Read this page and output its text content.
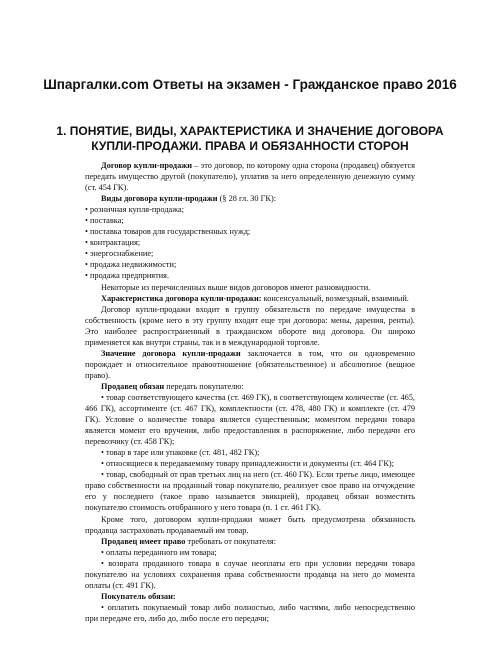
Шпаргалки.com Ответы на экзамен - Гражданское право 2016
1. ПОНЯТИЕ, ВИДЫ, ХАРАКТЕРИСТИКА И ЗНАЧЕНИЕ ДОГОВОРА КУПЛИ-ПРОДАЖИ. ПРАВА И ОБЯЗАННОСТИ СТОРОН

Договор купли-продажи – это договор, по которому одна сторона (продавец) обязуется передать имущество другой (покупателю), уплатив за него определенную денежную сумму (ст. 454 ГК).

Виды договора купли-продажи (§ 28 гл. 30 ГК):

• розничная купля-продажа;

• поставка;

• поставка товаров для государственных нужд;

• контрактация;

• энергоснабжение;

• продажа недвижимости;

• продажа предприятия.

Некоторые из перечисленных выше видов договоров имеют разновидности.

Характеристика договора купли-продажи: консенсуальный, возмездный, взаимный.

Договор купли-продажи входит в группу обязательств по передаче имущества в собственность (кроме него в эту группу входят еще три договора: мены, дарения, ренты). Это наиболее распространенный в гражданском обороте вид договора. Он широко применяется как внутри страны, так и в международной торговле.

Значение договора купли-продажи заключается в том, что он одновременно порождает и относительное правоотношение (обязательственное) и абсолютное (вещное право).

Продавец обязан передать покупателю:

• товар соответствующего качества (ст. 469 ГК), в соответствующем количестве (ст. 465, 466 ГК), ассортименте (ст. 467 ГК), комплектности (ст. 478, 480 ГК) и комплекте (ст. 479 ГК). Условие о количестве товара является существенным; моментом передачи товара является момент его вручения, либо предоставления в распоряжение, либо передачи его перевозчику (ст. 458 ГК);

• товар в таре или упаковке (ст. 481, 482 ГК);

• относящиеся к передаваемому товару принадлежности и документы (ст. 464 ГК);

• товар, свободный от прав третьих лиц на него (ст. 460 ГК). Если третье лицо, имеющее право собственности на проданный товар покупателю, реализует свое право на отчуждение его у последнего (такое право называется эвикцией), продавец обязан возместить покупателю стоимость отобранного у него товара (п. 1 ст. 461 ГК).

Кроме того, договором купли-продажи может быть предусмотрена обязанность продавца застраховать продаваемый им товар.

Продавец имеет право требовать от покупателя:

• оплаты переданного им товара;

• возврата проданного товара в случае неоплаты его при условии передачи товара покупателю на условиях сохранения права собственности продавца на него до момента оплаты (ст. 491 ГК).

Покупатель обязан:

• оплатить покупаемый товар либо полностью, либо частями, либо непосредственно при передаче его, либо до, либо после его передачи;
